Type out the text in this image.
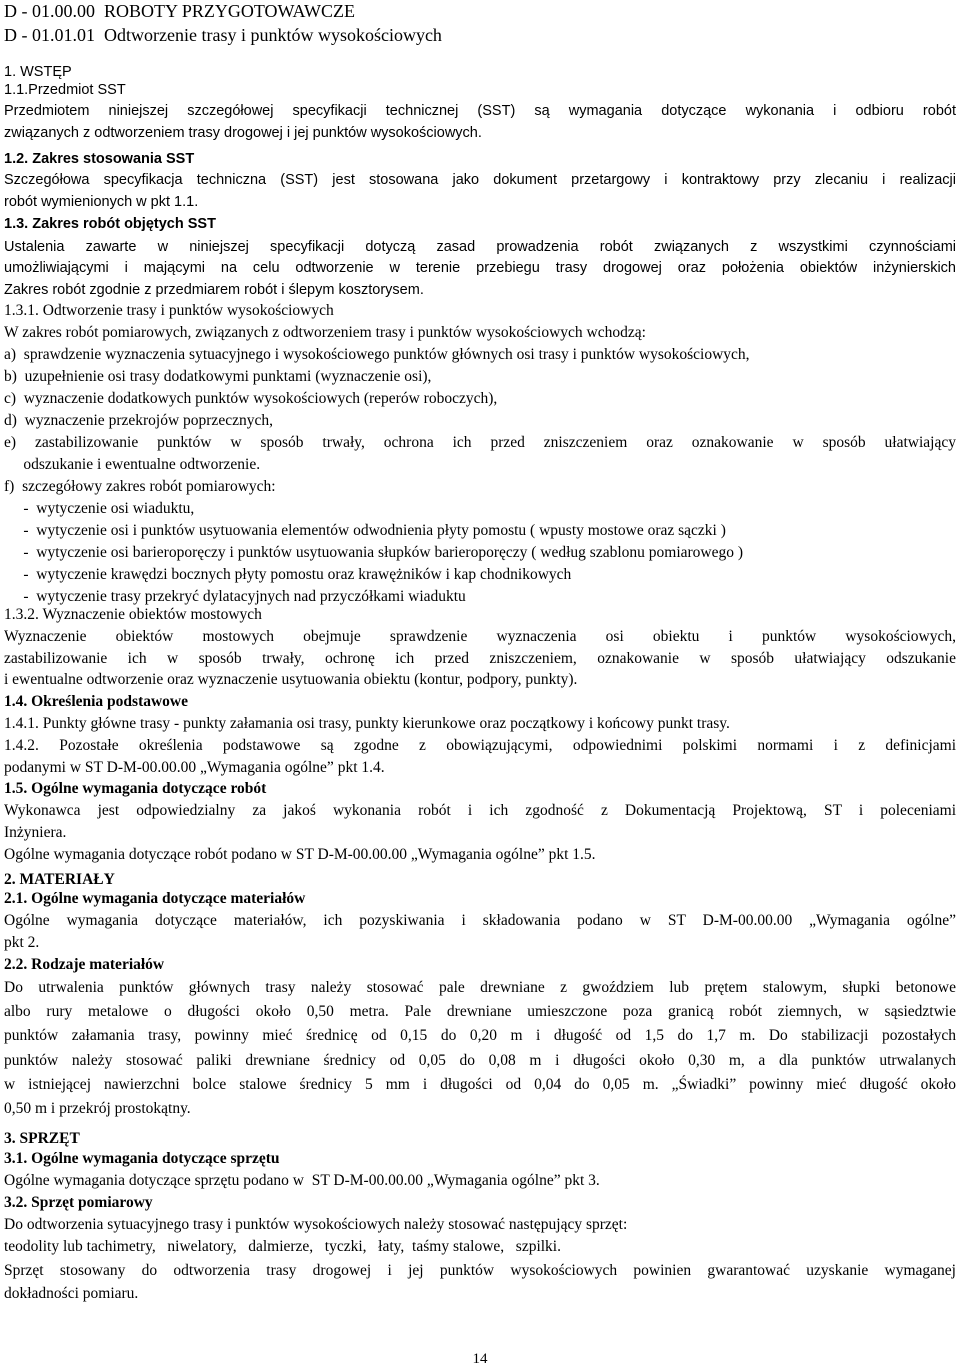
D - 01.00.00  ROBOTY PRZYGOTOWAWCZE
D - 01.01.01  Odtworzenie trasy i punktów wysokościowych
1. WSTĘP
1.1.Przedmiot SST
Przedmiotem niniejszej szczegółowej specyfikacji technicznej (SST) są wymagania dotyczące wykonania i odbioru robót
związanych z odtworzeniem trasy drogowej i jej punktów wysokościowych.
1.2. Zakres stosowania SST
Szczegółowa specyfikacja techniczna (SST) jest stosowana jako dokument przetargowy i kontraktowy przy zlecaniu i realizacji
robót wymienionych w pkt 1.1.
1.3. Zakres robót objętych SST
Ustalenia zawarte w niniejszej specyfikacji dotyczą zasad prowadzenia robót związanych z wszystkimi czynnościami
umożliwiającymi i mającymi na celu odtworzenie w terenie przebiegu trasy drogowej oraz położenia obiektów inżynierskich
Zakres robót zgodnie z przedmiarem robót i ślepym kosztorysem.
1.3.1. Odtworzenie trasy i punktów wysokościowych
W zakres robót pomiarowych, związanych z odtworzeniem trasy i punktów wysokościowych wchodzą:
a)  sprawdzenie wyznaczenia sytuacyjnego i wysokościowego punktów głównych osi trasy i punktów wysokościowych,
b)  uzupełnienie osi trasy dodatkowymi punktami (wyznaczenie osi),
c)  wyznaczenie dodatkowych punktów wysokościowych (reperów roboczych),
d)  wyznaczenie przekrojów poprzecznych,
e) zastabilizowanie punktów w sposób trwały, ochrona ich przed zniszczeniem oraz oznakowanie w sposób ułatwiający
odszukanie i ewentualne odtworzenie.
f)  szczegółowy zakres robót pomiarowych:
-  wytyczenie osi wiaduktu,
-  wytyczenie osi i punktów usytuowania elementów odwodnienia płyty pomostu ( wpusty mostowe oraz sączki )
-  wytyczenie osi barieroporęczy i punktów usytuowania słupków barieroporęczy ( według szablonu pomiarowego )
-  wytyczenie krawędzi bocznych płyty pomostu oraz krawężników i kap chodnikowych
-  wytyczenie trasy przekryć dylatacyjnych nad przyczółkami wiaduktu
1.3.2. Wyznaczenie obiektów mostowych
Wyznaczenie obiektów mostowych obejmuje sprawdzenie wyznaczenia osi obiektu i punktów wysokościowych,
zastabilizowanie ich w sposób trwały, ochronę ich przed zniszczeniem, oznakowanie w sposób ułatwiający odszukanie
i ewentualne odtworzenie oraz wyznaczenie usytuowania obiektu (kontur, podpory, punkty).
1.4. Określenia podstawowe
1.4.1. Punkty główne trasy - punkty załamania osi trasy, punkty kierunkowe oraz początkowy i końcowy punkt trasy.
1.4.2. Pozostałe określenia podstawowe są zgodne z obowiązującymi, odpowiednimi polskimi normami i z definicjami
podanymi w ST D-M-00.00.00 „Wymagania ogólne” pkt 1.4.
1.5. Ogólne wymagania dotyczące robót
Wykonawca jest odpowiedzialny za jakoś wykonania robót i ich zgodność z Dokumentacją Projektową, ST i poleceniami
Inżyniera.
Ogólne wymagania dotyczące robót podano w ST D-M-00.00.00 „Wymagania ogólne” pkt 1.5.
2. MATERIAŁY
2.1. Ogólne wymagania dotyczące materiałów
Ogólne wymagania dotyczące materiałów, ich pozyskiwania i składowania podano w ST D-M-00.00.00 „Wymagania ogólne”
pkt 2.
2.2. Rodzaje materiałów
Do utrwalenia punktów głównych trasy należy stosować pale drewniane z gwoździem lub prętem stalowym, słupki betonowe
albo rury metalowe o długości około 0,50 metra. Pale drewniane umieszczone poza granicą robót ziemnych, w sąsiedztwie
punktów załamania trasy, powinny mieć średnicę od 0,15 do 0,20 m i długość od 1,5 do 1,7 m. Do stabilizacji pozostałych
punktów należy stosować paliki drewniane średnicy od 0,05 do 0,08 m i długości około 0,30 m, a dla punktów utrwalanych
w istniejącej nawierzchni bolce stalowe średnicy 5 mm i długości od 0,04 do 0,05 m. „Świadki” powinny mieć długość około
0,50 m i przekrój prostokątny.
3. SPRZĘT
3.1. Ogólne wymagania dotyczące sprzętu
Ogólne wymagania dotyczące sprzętu podano w  ST D-M-00.00.00 „Wymagania ogólne” pkt 3.
3.2. Sprzęt pomiarowy
Do odtworzenia sytuacyjnego trasy i punktów wysokościowych należy stosować następujący sprzęt:
teodolity lub tachimetry,   niwelatory,   dalmierze,   tyczki,   łaty,  taśmy stalowe,   szpilki.
Sprzęt stosowany do odtworzenia trasy drogowej i jej punktów wysokościowych powinien gwarantować uzyskanie wymaganej
dokładności pomiaru.
14
